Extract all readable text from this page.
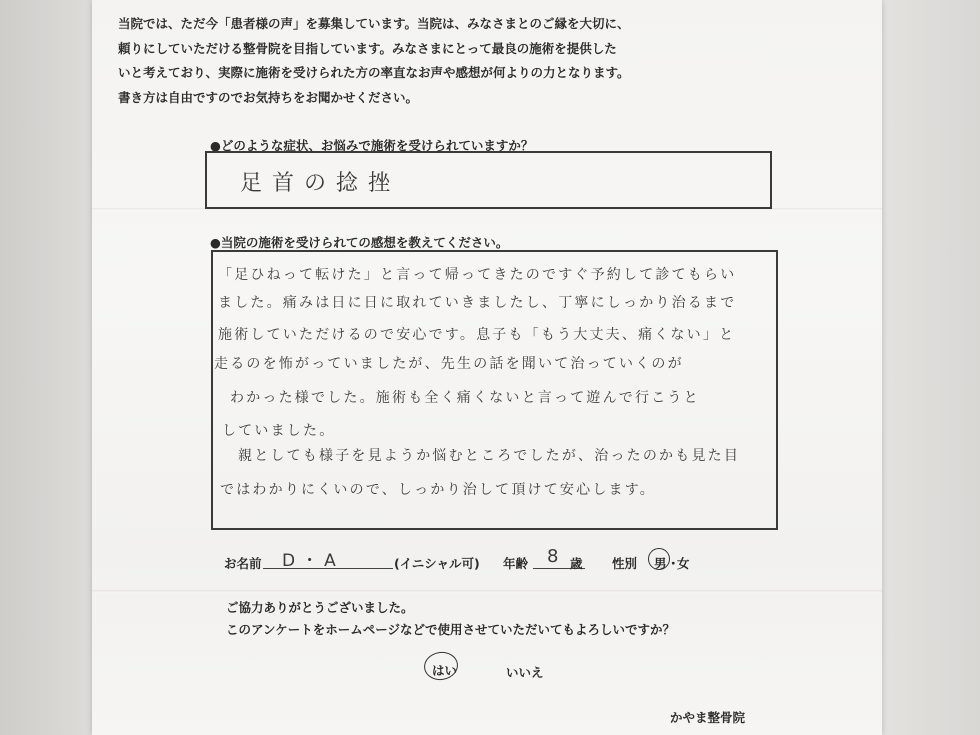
当院では、ただ今「患者様の声」を募集しています。当院は、みなさまとのご縁を大切に、
頼りにしていただける整骨院を目指しています。みなさまにとって最良の施術を提供した
いと考えており、実際に施術を受けられた方の率直なお声や感想が何よりの力となります。
書き方は自由ですのでお気持ちをお聞かせください。
●どのような症状、お悩みで施術を受けられていますか？
足首の捻挫
●当院の施術を受けられての感想を教えてください。
「足ひねって転けた」と言って帰ってきたのですぐ予約して診てもらい
ました。痛みは日に日に取れていきましたし、丁寧にしっかり治るまで
施術していただけるので安心です。息子も「もう大丈夫、痛くない」と
走るのを怖がっていましたが、先生の話を聞いて治っていくのが
わかった様でした。施術も全く痛くないと言って遊んで行こうと
していました。
親としても様子を見ようか悩むところでしたが、治ったのかも見た目
ではわかりにくいので、しっかり治して頂けて安心します。
お名前 D・A	(イニシャル可) 年齢 8 歳 性別 男 ・
女
ご協力ありがとうございました。
このアンケートをホームページなどで使用させていただいてもよろしいですか？
はい	いいえ
かやま整骨院
